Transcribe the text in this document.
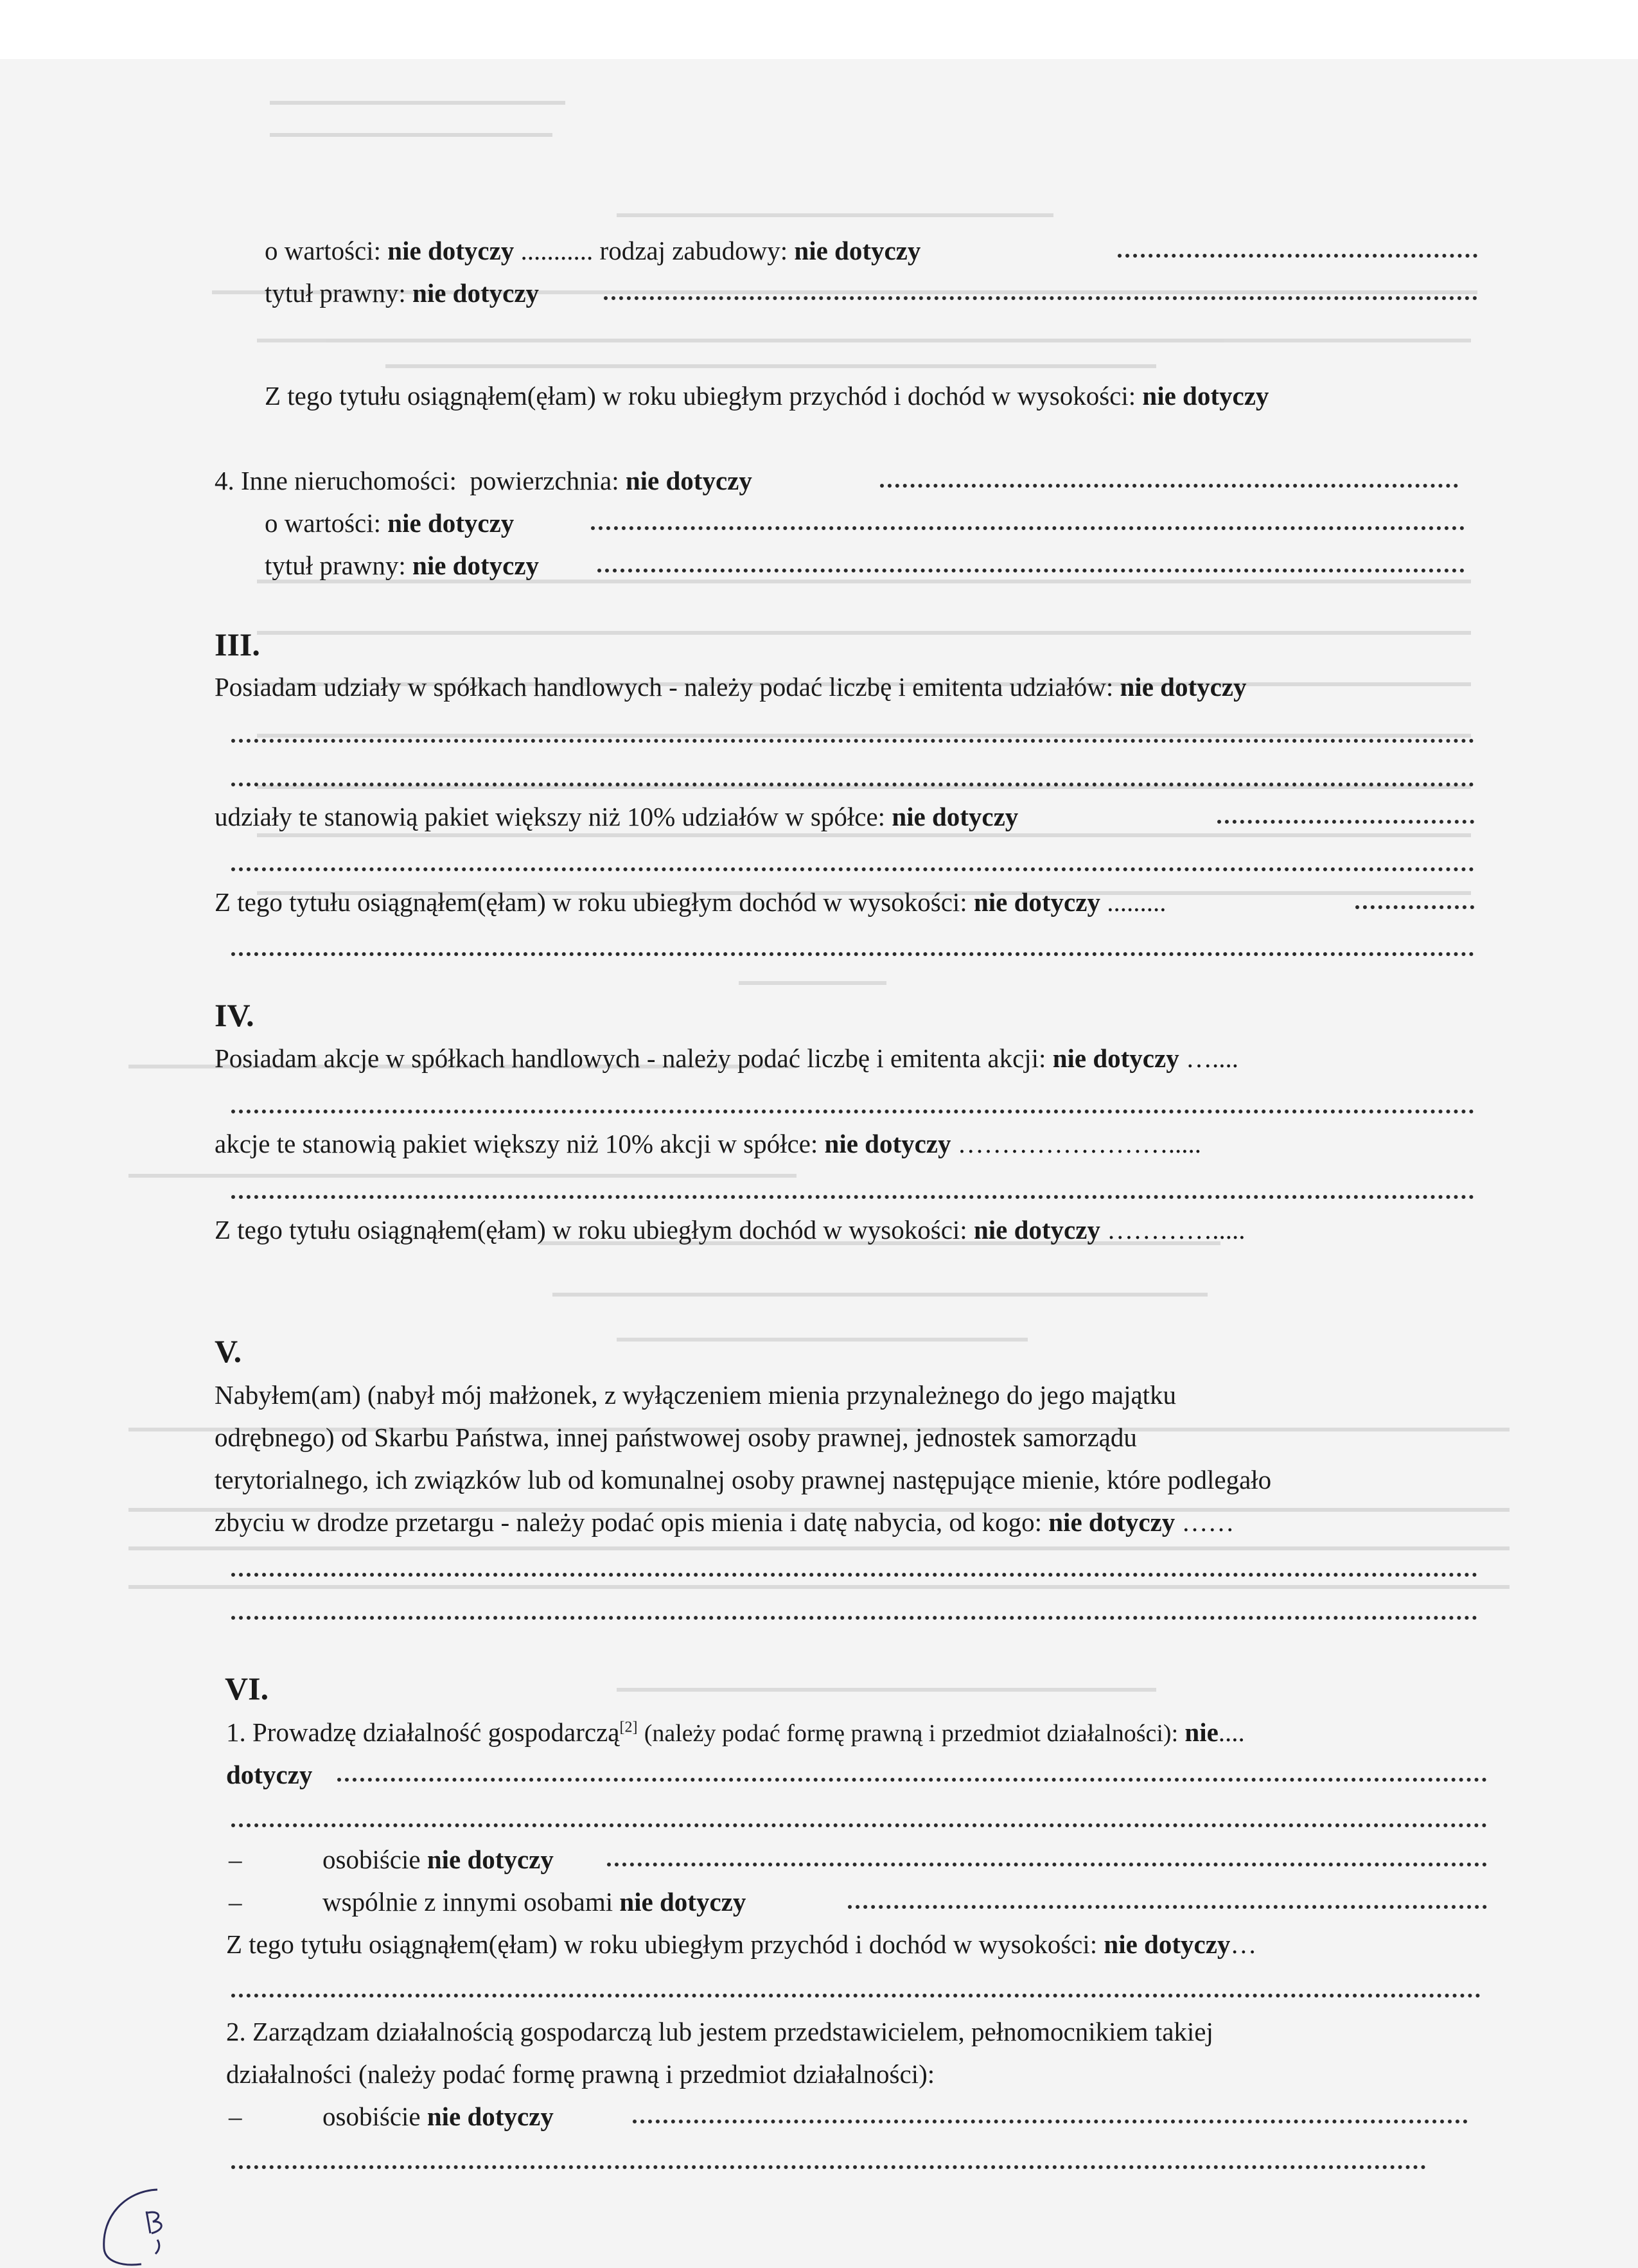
o wartości: nie dotyczy ........... rodzaj zabudowy: nie dotyczy
tytuł prawny: nie dotyczy
Z tego tytułu osiągnąłem(ęłam) w roku ubiegłym przychód i dochód w wysokości: nie dotyczy
4. Inne nieruchomości: powierzchnia: nie dotyczy
o wartości: nie dotyczy
tytuł prawny: nie dotyczy
III.
Posiadam udziały w spółkach handlowych - należy podać liczbę i emitenta udziałów: nie dotyczy
udziały te stanowią pakiet większy niż 10% udziałów w spółce: nie dotyczy
Z tego tytułu osiągnąłem(ęłam) w roku ubiegłym dochód w wysokości: nie dotyczy .........
IV.
Posiadam akcje w spółkach handlowych - należy podać liczbę i emitenta akcji: nie dotyczy …....
akcje te stanowią pakiet większy niż 10% akcji w spółce: nie dotyczy …………………….....
Z tego tytułu osiągnąłem(ęłam) w roku ubiegłym dochód w wysokości: nie dotyczy ………….....
V.
Nabyłem(am) (nabył mój małżonek, z wyłączeniem mienia przynależnego do jego majątku
odrębnego) od Skarbu Państwa, innej państwowej osoby prawnej, jednostek samorządu
terytorialnego, ich związków lub od komunalnej osoby prawnej następujące mienie, które podlegało
zbyciu w drodze przetargu - należy podać opis mienia i datę nabycia, od kogo: nie dotyczy ……
VI.
1. Prowadzę działalność gospodarczą[2] (należy podać formę prawną i przedmiot działalności): nie....
dotyczy
–	osobiście nie dotyczy
–	wspólnie z innymi osobami nie dotyczy
Z tego tytułu osiągnąłem(ęłam) w roku ubiegłym przychód i dochód w wysokości: nie dotyczy…
2. Zarządzam działalnością gospodarczą lub jestem przedstawicielem, pełnomocnikiem takiej
działalności (należy podać formę prawną i przedmiot działalności):
–	osobiście nie dotyczy
